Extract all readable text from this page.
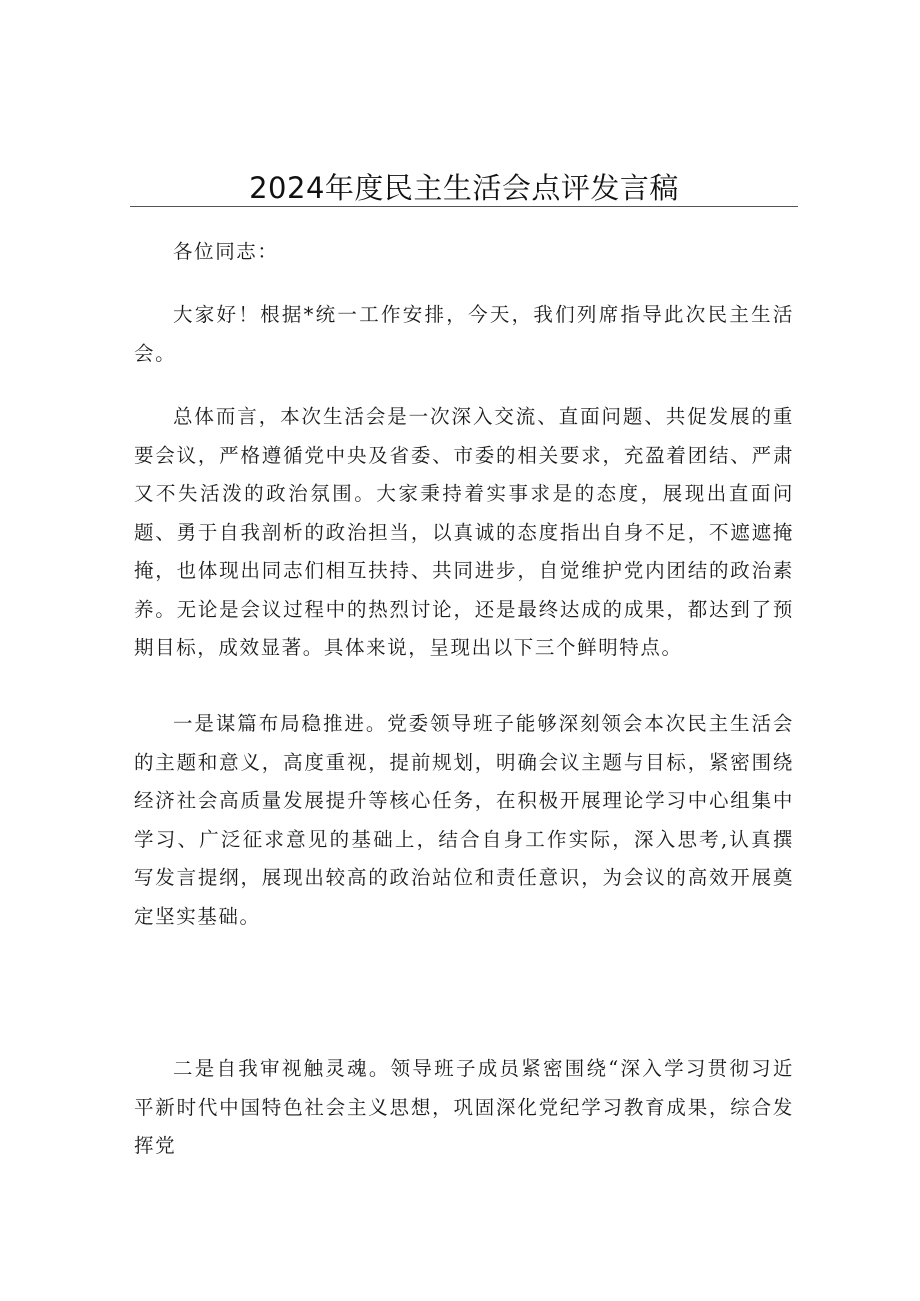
2024年度民主生活会点评发言稿

各位同志：

大家好！根据*统一工作安排，今天，我们列席指导此次民主生活会。

总体而言，本次生活会是一次深入交流、直面问题、共促发展的重要会议，严格遵循党中央及省委、市委的相关要求，充盈着团结、严肃又不失活泼的政治氛围。大家秉持着实事求是的态度，展现出直面问题、勇于自我剖析的政治担当，以真诚的态度指出自身不足，不遮遮掩掩，也体现出同志们相互扶持、共同进步，自觉维护党内团结的政治素养。无论是会议过程中的热烈讨论，还是最终达成的成果，都达到了预期目标，成效显著。具体来说，呈现出以下三个鲜明特点。

一是谋篇布局稳推进。党委领导班子能够深刻领会本次民主生活会的主题和意义，高度重视，提前规划，明确会议主题与目标，紧密围绕经济社会高质量发展提升等核心任务，在积极开展理论学习中心组集中学习、广泛征求意见的基础上，结合自身工作实际，深入思考,认真撰写发言提纲，展现出较高的政治站位和责任意识，为会议的高效开展奠定坚实基础。

二是自我审视触灵魂。领导班子成员紧密围绕“深入学习贯彻习近平新时代中国特色社会主义思想，巩固深化党纪学习教育成果，综合发挥党
